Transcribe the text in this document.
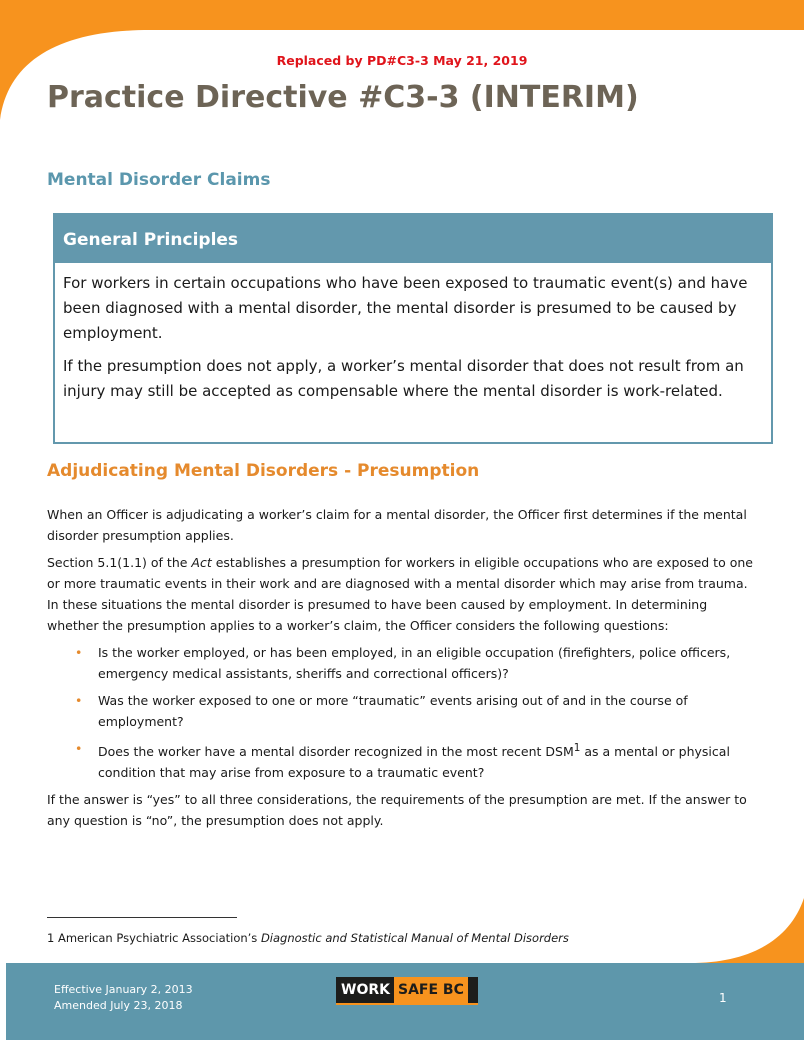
Replaced by PD#C3-3 May 21, 2019
Practice Directive #C3-3 (INTERIM)
Mental Disorder Claims
General Principles

For workers in certain occupations who have been exposed to traumatic event(s) and have been diagnosed with a mental disorder, the mental disorder is presumed to be caused by employment.

If the presumption does not apply, a worker’s mental disorder that does not result from an injury may still be accepted as compensable where the mental disorder is work-related.

Adjudicating Mental Disorders - Presumption

When an Officer is adjudicating a worker’s claim for a mental disorder, the Officer first determines if the mental disorder presumption applies.

Section 5.1(1.1) of the Act establishes a presumption for workers in eligible occupations who are exposed to one or more traumatic events in their work and are diagnosed with a mental disorder which may arise from trauma. In these situations the mental disorder is presumed to have been caused by employment. In determining whether the presumption applies to a worker’s claim, the Officer considers the following questions:

• Is the worker employed, or has been employed, in an eligible occupation (firefighters, police officers, emergency medical assistants, sheriffs and correctional officers)?
• Was the worker exposed to one or more “traumatic” events arising out of and in the course of employment?
• Does the worker have a mental disorder recognized in the most recent DSM$^1$ as a mental or physical condition that may arise from exposure to a traumatic event?

If the answer is “yes” to all three considerations, the requirements of the presumption are met. If the answer to any question is “no”, the presumption does not apply.

1 American Psychiatric Association’s Diagnostic and Statistical Manual of Mental Disorders
Effective January 2, 2013
Amended July 23, 2018
WORK SAFE BC	1
